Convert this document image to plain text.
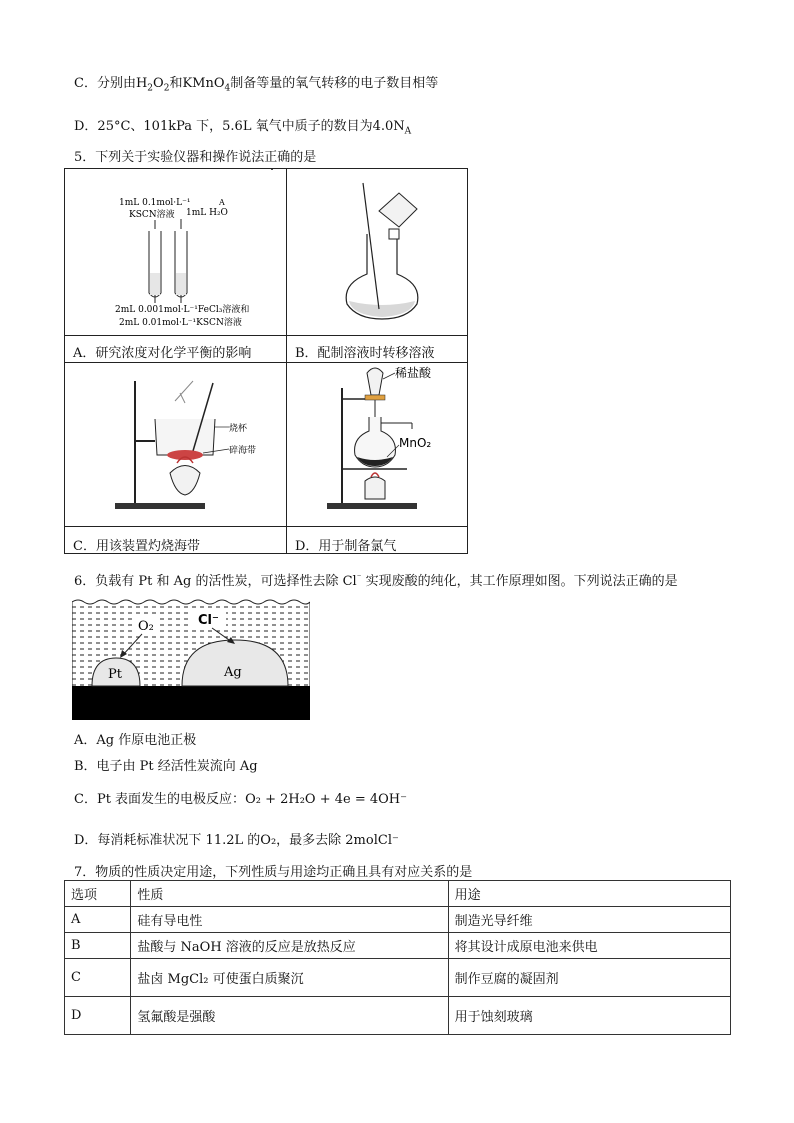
C．分别由$H_2O_2$和KMnO$_4$制备等量的氧气转移的电子数目相等
D．25°C、101kPa 下，5.6L 氧气中质子的数目为$4.0N_A$
5．下列关于实验仪器和操作说法正确的是
1mL 0.1mol·L⁻¹
KSCN溶液
A
1mL H₂O
2mL 0.001mol·L⁻¹FeCl₃溶液和
2mL 0.01mol·L⁻¹KSCN溶液
烧杯
碎海带
稀盐酸
MnO₂
A．研究浓度对化学平衡的影响	B．配制溶液时转移溶液
C．用该装置灼烧海带	D．用于制备氯气
6．负载有 Pt 和 Ag 的活性炭，可选择性去除 Cl⁻ 实现废酸的纯化，其工作原理如图。下列说法正确的是
O₂	Cl⁻
Pt	Ag
A．Ag 作原电池正极
B．电子由 Pt 经活性炭流向 Ag
C．Pt 表面发生的电极反应：O₂ + 2H₂O + 4e = 4OH⁻
D．每消耗标准状况下 11.2L 的O₂，最多去除 2molCl⁻
7．物质的性质决定用途，下列性质与用途均正确且具有对应关系的是
选项	性质	用途
A	硅有导电性	制造光导纤维
B	盐酸与 NaOH 溶液的反应是放热反应	将其设计成原电池来供电
C	盐卤 MgCl₂ 可使蛋白质聚沉	制作豆腐的凝固剂
D	氢氟酸是强酸	用于蚀刻玻璃
